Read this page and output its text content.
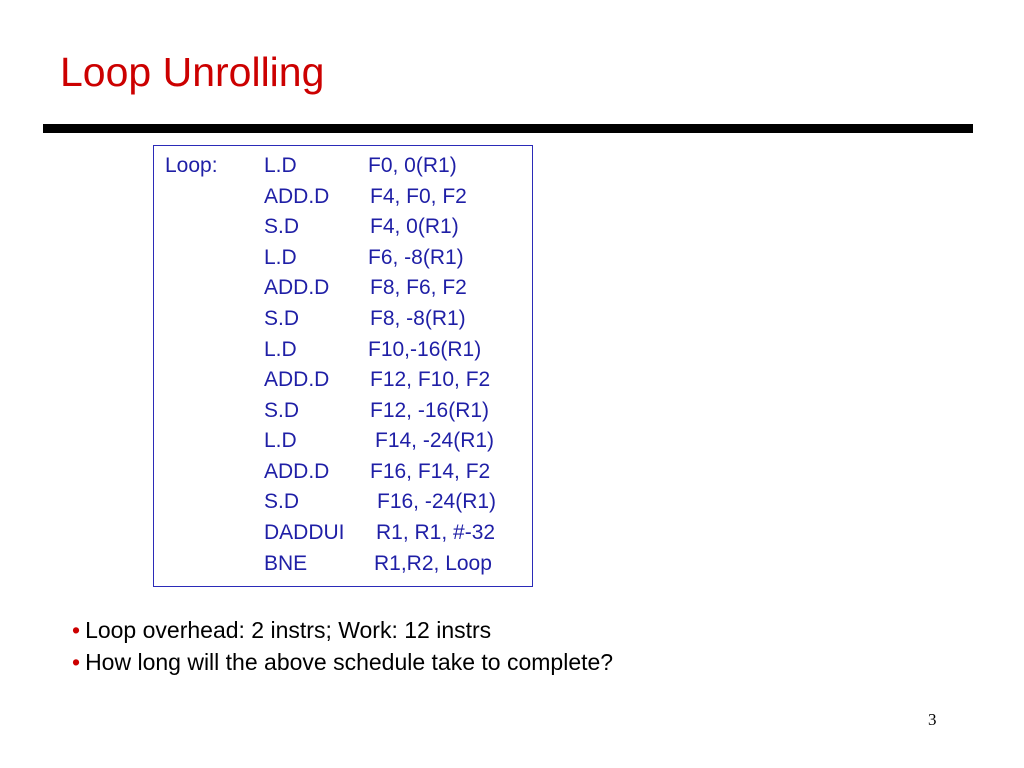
Loop Unrolling
Loop: L.D	F0, 0(R1)
ADD.D F4, F0, F2
S.D	F4, 0(R1)
L.D	F6, -8(R1)
ADD.D F8, F6, F2
S.D	F8, -8(R1)
L.D	F10,-16(R1)
ADD.D F12, F10, F2
S.D	F12, -16(R1)
L.D	F14, -24(R1)
ADD.D F16, F14, F2
S.D	F16, -24(R1)
DADDUI R1, R1, #-32
BNE	R1,R2, Loop
• Loop overhead: 2 instrs; Work: 12 instrs
• How long will the above schedule take to complete?
3
